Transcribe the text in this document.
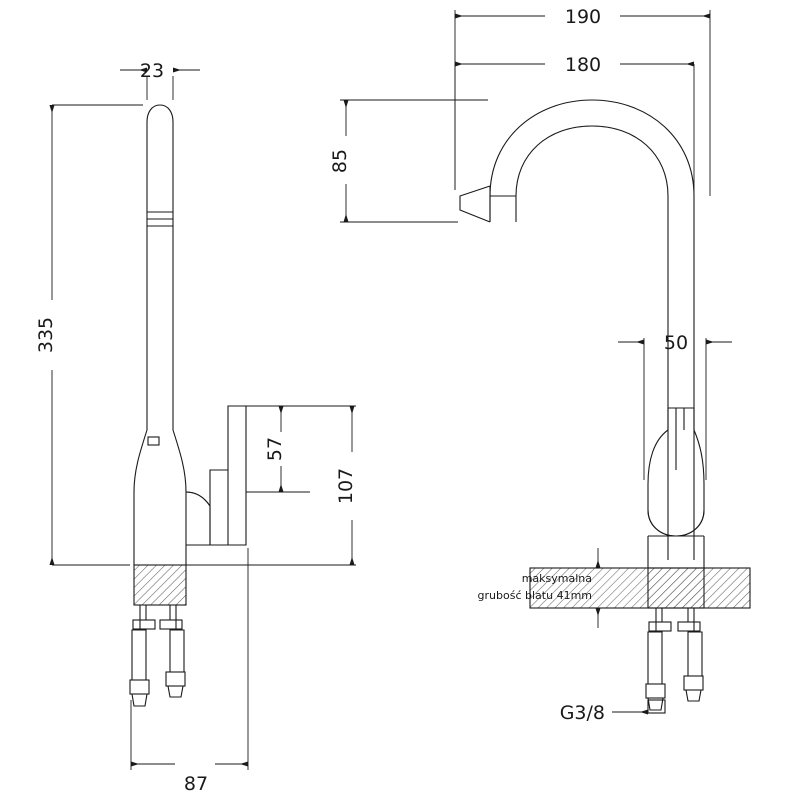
23
335
57
107
87
190
180
85
50
maksymalna
grubość blatu 41mm
G3/8
